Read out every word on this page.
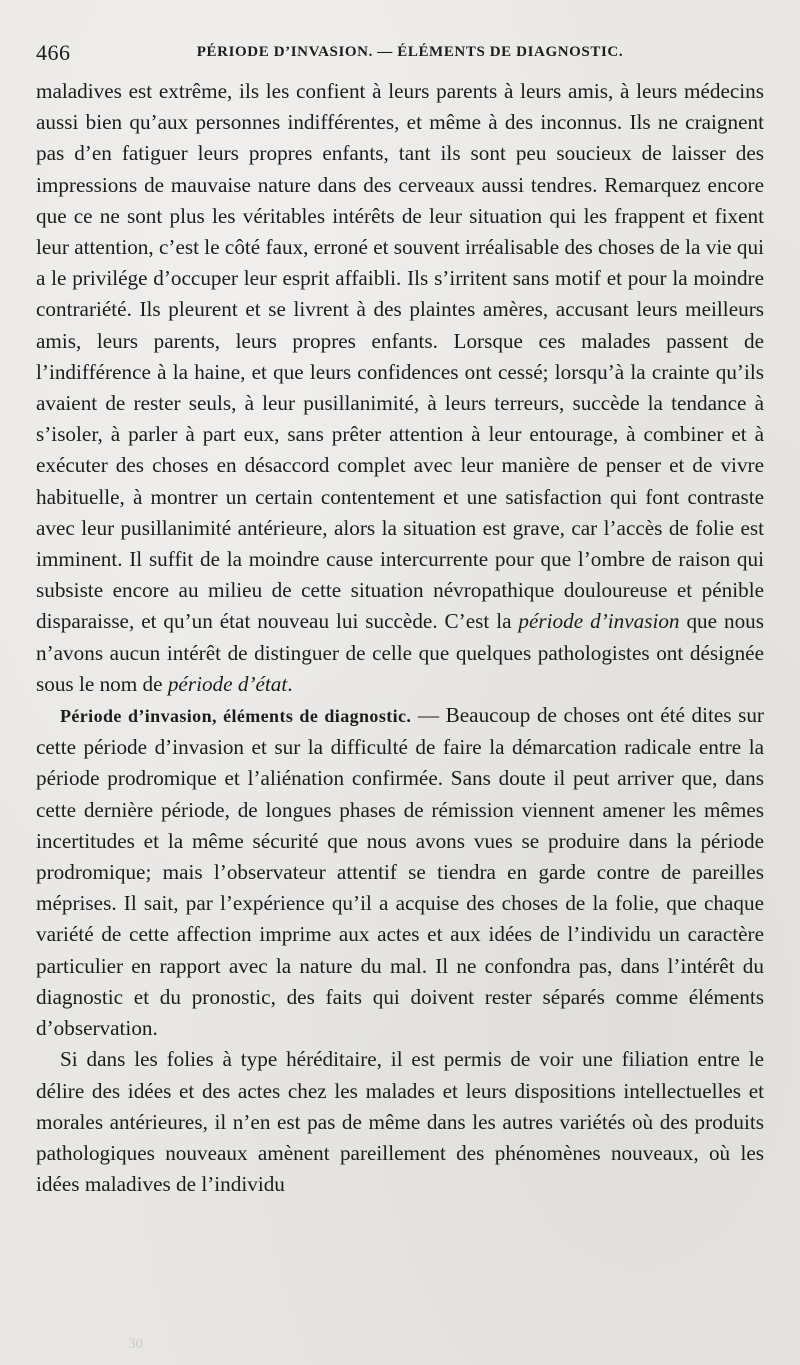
466	PÉRIODE D’INVASION. — ÉLÉMENTS DE DIAGNOSTIC.

maladives est extrême, ils les confient à leurs parents à leurs amis, à leurs médecins aussi bien qu’aux personnes indifférentes, et même à des inconnus. Ils ne craignent pas d’en fatiguer leurs propres enfants, tant ils sont peu soucieux de laisser des impressions de mauvaise nature dans des cerveaux aussi tendres. Remarquez encore que ce ne sont plus les véritables intérêts de leur situation qui les frappent et fixent leur attention, c’est le côté faux, erroné et souvent irréalisable des choses de la vie qui a le privilége d’occuper leur esprit affaibli. Ils s’irritent sans motif et pour la moindre contrariété. Ils pleurent et se livrent à des plaintes amères, accusant leurs meilleurs amis, leurs parents, leurs propres enfants. Lorsque ces malades passent de l’indifférence à la haine, et que leurs confidences ont cessé; lorsqu’à la crainte qu’ils avaient de rester seuls, à leur pusillanimité, à leurs terreurs, succède la tendance à s’isoler, à parler à part eux, sans prêter attention à leur entourage, à combiner et à exécuter des choses en désaccord complet avec leur manière de penser et de vivre habituelle, à montrer un certain contentement et une satisfaction qui font contraste avec leur pusillanimité antérieure, alors la situation est grave, car l’accès de folie est imminent. Il suffit de la moindre cause intercurrente pour que l’ombre de raison qui subsiste encore au milieu de cette situation névropathique douloureuse et pénible disparaisse, et qu’un état nouveau lui succède. C’est la période d’invasion que nous n’avons aucun intérêt de distinguer de celle que quelques pathologistes ont désignée sous le nom de période d’état.

Période d’invasion, éléments de diagnostic. — Beaucoup de choses ont été dites sur cette période d’invasion et sur la difficulté de faire la démarcation radicale entre la période prodromique et l’aliénation confirmée. Sans doute il peut arriver que, dans cette dernière période, de longues phases de rémission viennent amener les mêmes incertitudes et la même sécurité que nous avons vues se produire dans la période prodromique; mais l’observateur attentif se tiendra en garde contre de pareilles méprises. Il sait, par l’expérience qu’il a acquise des choses de la folie, que chaque variété de cette affection imprime aux actes et aux idées de l’individu un caractère particulier en rapport avec la nature du mal. Il ne confondra pas, dans l’intérêt du diagnostic et du pronostic, des faits qui doivent rester séparés comme éléments d’observation.

Si dans les folies à type héréditaire, il est permis de voir une filiation entre le délire des idées et des actes chez les malades et leurs dispositions intellectuelles et morales antérieures, il n’en est pas de même dans les autres variétés où des produits pathologiques nouveaux amènent pareillement des phénomènes nouveaux, où les idées maladives de l’individu

30
